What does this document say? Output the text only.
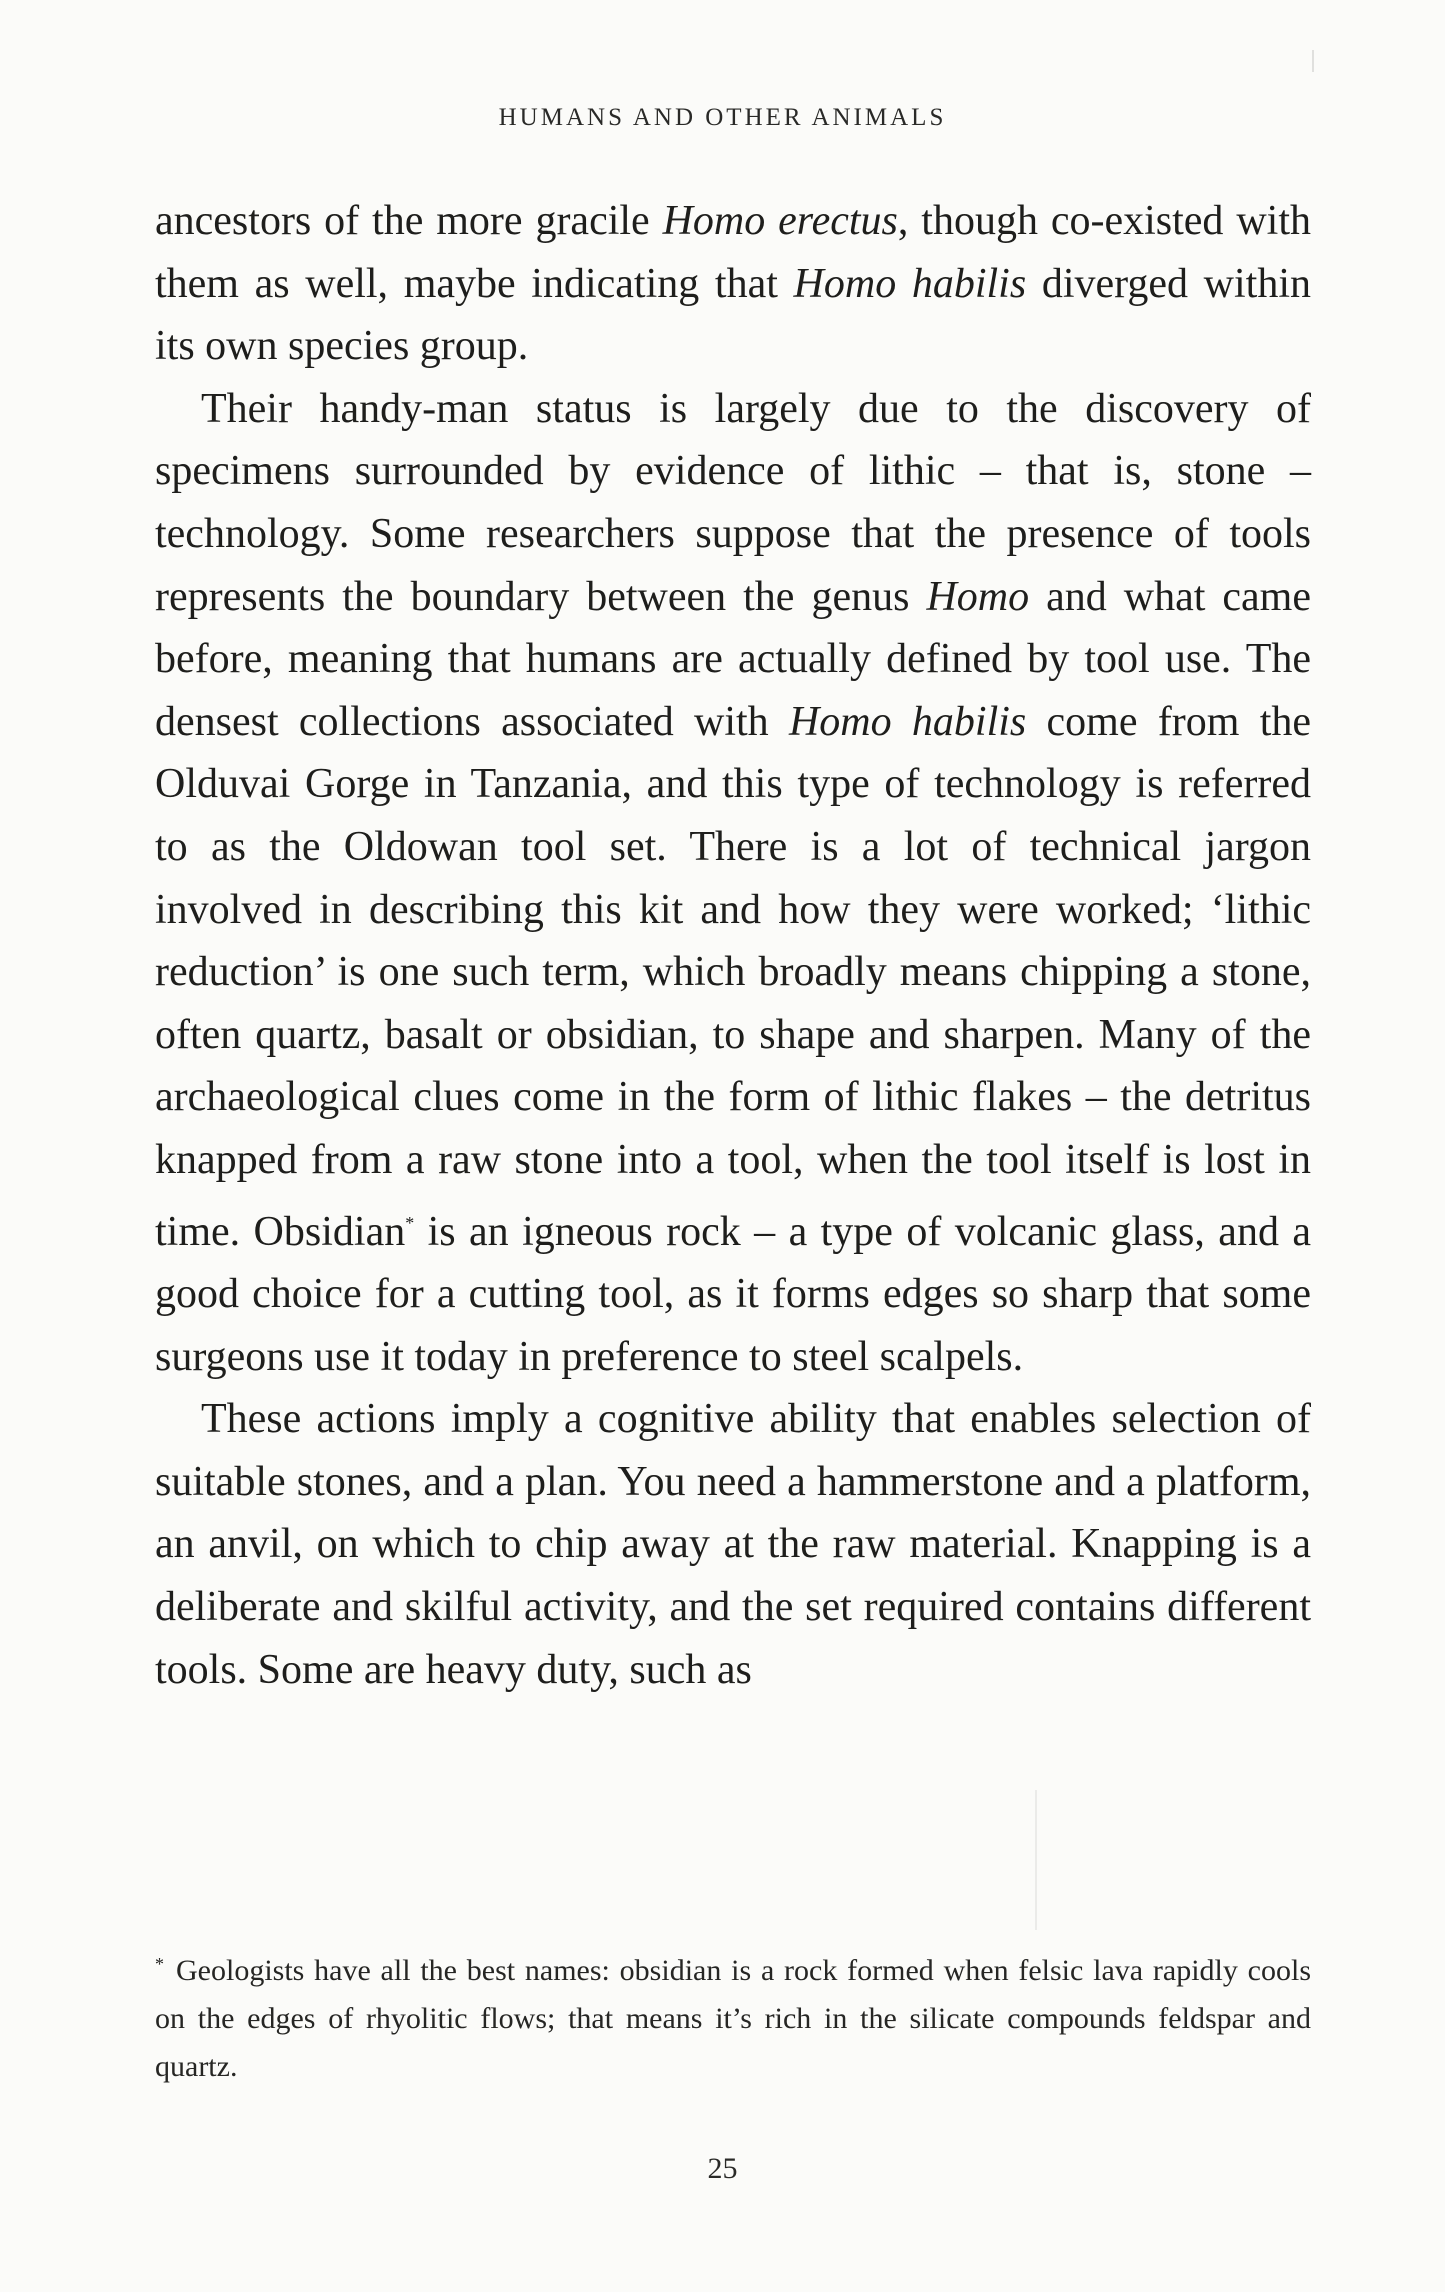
HUMANS AND OTHER ANIMALS

ancestors of the more gracile Homo erectus, though co-existed with them as well, maybe indicating that Homo habilis diverged within its own species group.

Their handy-man status is largely due to the discovery of specimens surrounded by evidence of lithic – that is, stone – technology. Some researchers suppose that the presence of tools represents the boundary between the genus Homo and what came before, meaning that humans are actually defined by tool use. The densest collections associated with Homo habilis come from the Olduvai Gorge in Tanzania, and this type of technology is referred to as the Oldowan tool set. There is a lot of technical jargon involved in describing this kit and how they were worked; ‘lithic reduction’ is one such term, which broadly means chipping a stone, often quartz, basalt or obsidian, to shape and sharpen. Many of the archaeological clues come in the form of lithic flakes – the detritus knapped from a raw stone into a tool, when the tool itself is lost in time. Obsidian* is an igneous rock – a type of volcanic glass, and a good choice for a cutting tool, as it forms edges so sharp that some surgeons use it today in preference to steel scalpels.

These actions imply a cognitive ability that enables selection of suitable stones, and a plan. You need a hammerstone and a platform, an anvil, on which to chip away at the raw material. Knapping is a deliberate and skilful activity, and the set required contains different tools. Some are heavy duty, such as

* Geologists have all the best names: obsidian is a rock formed when felsic lava rapidly cools on the edges of rhyolitic flows; that means it’s rich in the silicate compounds feldspar and quartz.
25
